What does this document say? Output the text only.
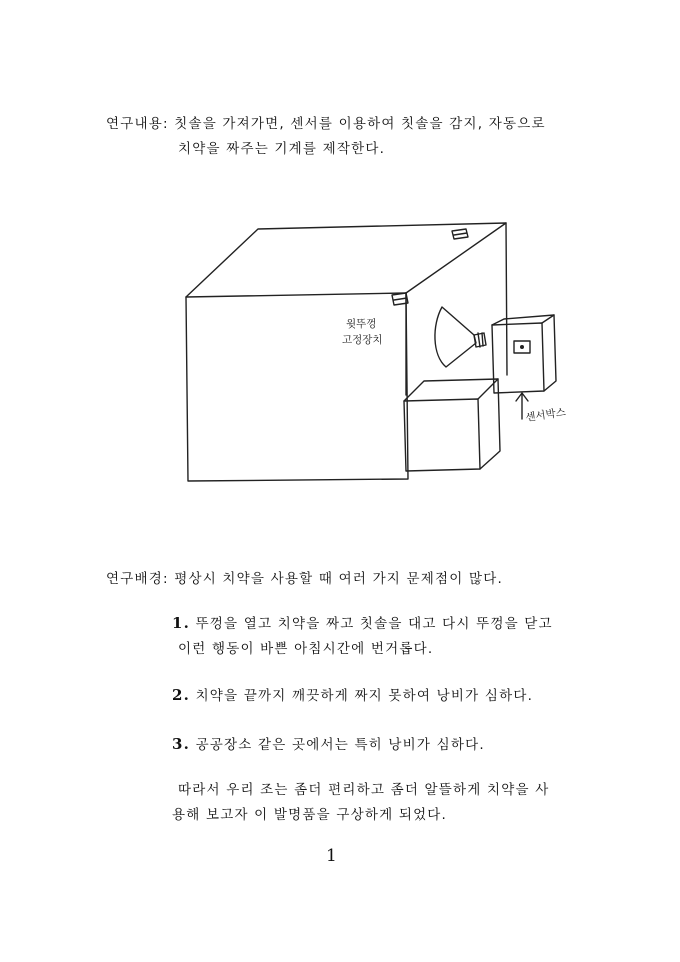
연구내용: 칫솔을 가져가면, 센서를 이용하여 칫솔을 감지, 자동으로
치약을 짜주는 기계를 제작한다.
윗뚜껑
고정장치
센서박스
연구배경: 평상시 치약을 사용할 때 여러 가지 문제점이 많다.
1. 뚜껑을 열고 치약을 짜고 칫솔을 대고 다시 뚜껑을 닫고
이런 행동이 바쁜 아침시간에 번거롭다.
2. 치약을 끝까지 깨끗하게 짜지 못하여 낭비가 심하다.
3. 공공장소 같은 곳에서는 특히 낭비가 심하다.
따라서 우리 조는 좀더 편리하고 좀더 알뜰하게 치약을 사
용해 보고자 이 발명품을 구상하게 되었다.
1
